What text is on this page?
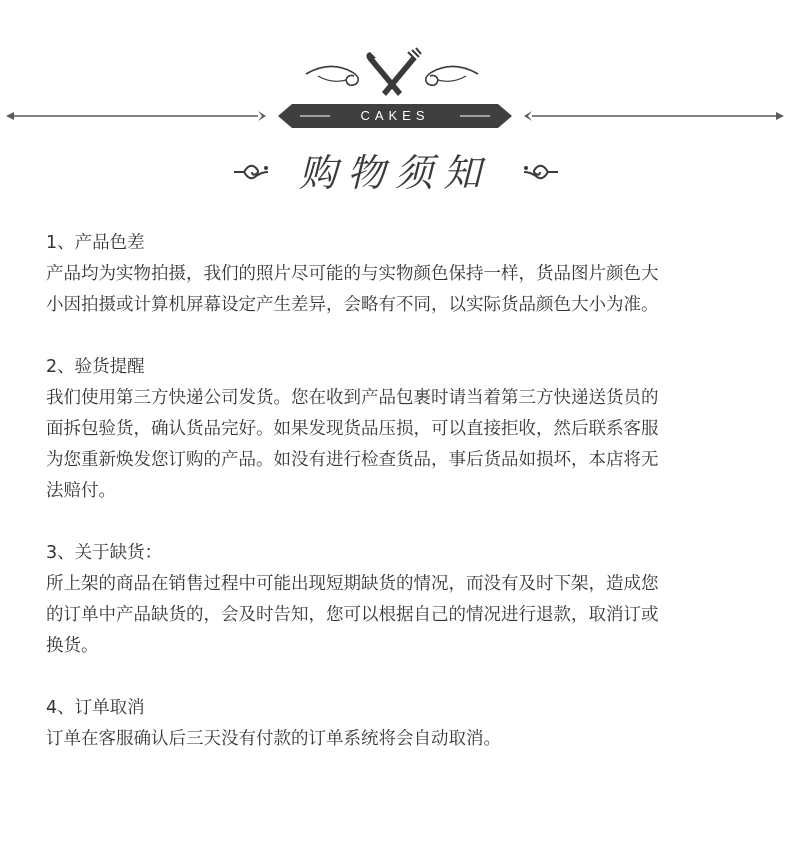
CAKES
购物须知

1、产品色差

产品均为实物拍摄，我们的照片尽可能的与实物颜色保持一样，货品图片颜色大
小因拍摄或计算机屏幕设定产生差异，会略有不同，以实际货品颜色大小为准。

2、验货提醒

我们使用第三方快递公司发货。您在收到产品包裹时请当着第三方快递送货员的
面拆包验货，确认货品完好。如果发现货品压损，可以直接拒收，然后联系客服
为您重新焕发您订购的产品。如没有进行检查货品，事后货品如损坏，本店将无
法赔付。

3、关于缺货：

所上架的商品在销售过程中可能出现短期缺货的情况，而没有及时下架，造成您
的订单中产品缺货的，会及时告知，您可以根据自己的情况进行退款，取消订或
换货。

4、订单取消

订单在客服确认后三天没有付款的订单系统将会自动取消。
